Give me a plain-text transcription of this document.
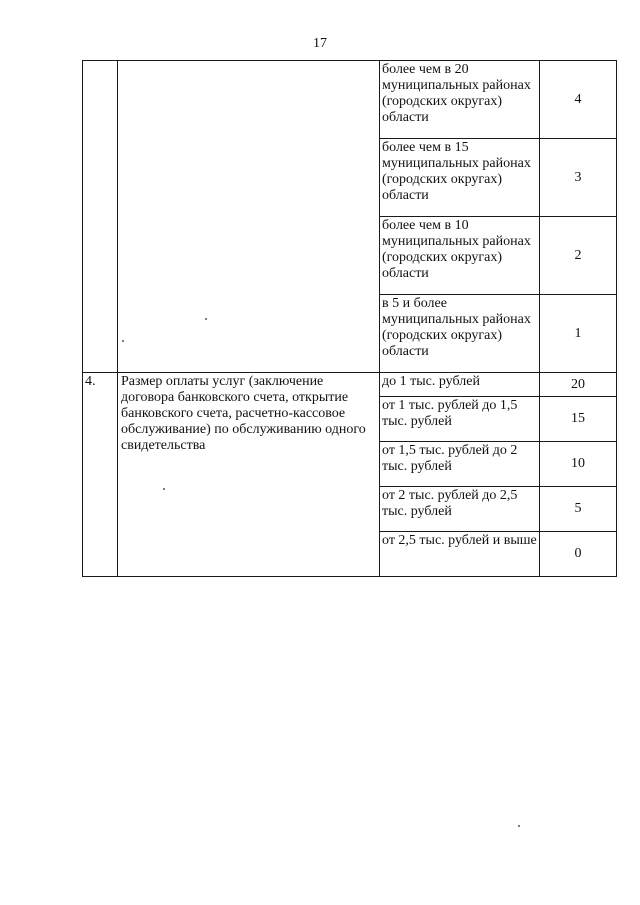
17
		более чем в 20 муниципальных районах (городских округах) области	4
		более чем в 15 муниципальных районах (городских округах) области	3
		более чем в 10 муниципальных районах (городских округах) области	2
		в 5 и более муниципальных районах (городских округах) области	1
4.	Размер оплаты услуг (заключение договора банковского счета, открытие банковского счета, расчетно-кассовое обслуживание) по обслуживанию одного свидетельства	до 1 тыс. рублей	20
		от 1 тыс. рублей до 1,5 тыс. рублей	15
		от 1,5 тыс. рублей до 2 тыс. рублей	10
		от 2 тыс. рублей до 2,5 тыс. рублей	5
		от 2,5 тыс. рублей и выше	0
